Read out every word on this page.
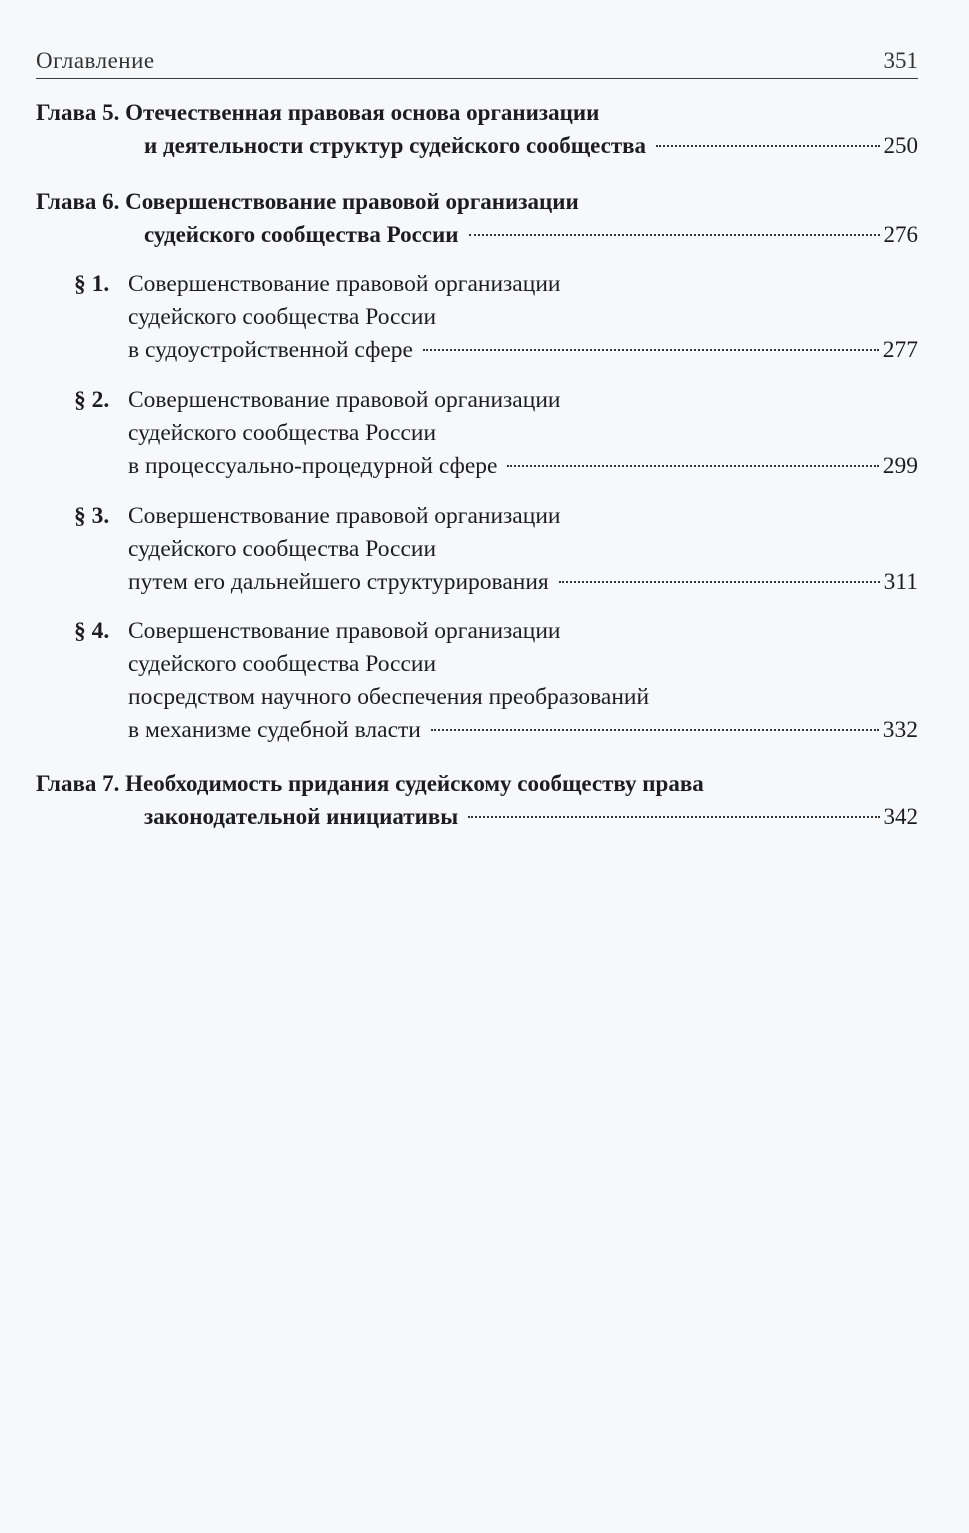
Оглавление	351
Глава 5. Отечественная правовая основа организации
и деятельности структур судейского сообщества	250
Глава 6. Совершенствование правовой организации
судейского сообщества России	276
§ 1. Совершенствование правовой организации
судейского сообщества России
в судоустройственной сфере	277
§ 2. Совершенствование правовой организации
судейского сообщества России
в процессуально-процедурной сфере	299
§ 3. Совершенствование правовой организации
судейского сообщества России
путем его дальнейшего структурирования	311
§ 4. Совершенствование правовой организации
судейского сообщества России
посредством научного обеспечения преобразований
в механизме судебной власти	332
Глава 7. Необходимость придания судейскому сообществу права
законодательной инициативы	342
